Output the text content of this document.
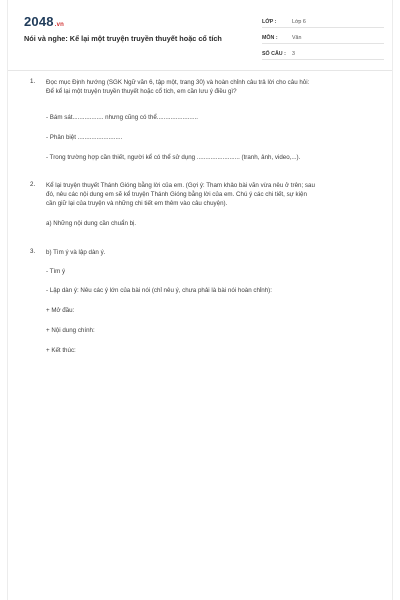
2048.vn
Nói và nghe: Kể lại một truyện truyền thuyết hoặc cổ tích
LỚP :	Lớp 6
MÔN :	Văn
SỐ CÂU :	3
1. Đọc mục Định hướng (SGK Ngữ văn 6, tập một, trang 30) và hoàn chỉnh câu trả lời cho câu hỏi:

Để kể lại một truyện truyền thuyết hoặc cổ tích, em cần lưu ý điều gì?

- Bám sát.................. nhưng cũng có thể........................

- Phân biệt ..........................

- Trong trường hợp cần thiết, người kể có thể sử dụng ......................... (tranh, ảnh, video,...).

2. Kể lại truyện thuyết Thánh Gióng bằng lời của em. (Gợi ý: Tham khảo bài văn vừa nêu ở trên; sau

đó, nêu các nội dung em sẽ kể truyện Thánh Gióng bằng lời của em. Chú ý các chi tiết, sự kiện

cần giữ lại của truyện và những chi tiết em thêm vào câu chuyện).

a) Những nội dung cần chuẩn bị.

3. b) Tìm ý và lập dàn ý.

- Tìm ý

- Lập dàn ý: Nêu các ý lớn của bài nói (chỉ nêu ý, chưa phải là bài nói hoàn chỉnh):

+ Mở đầu:

+ Nội dung chính:

+ Kết thúc:
